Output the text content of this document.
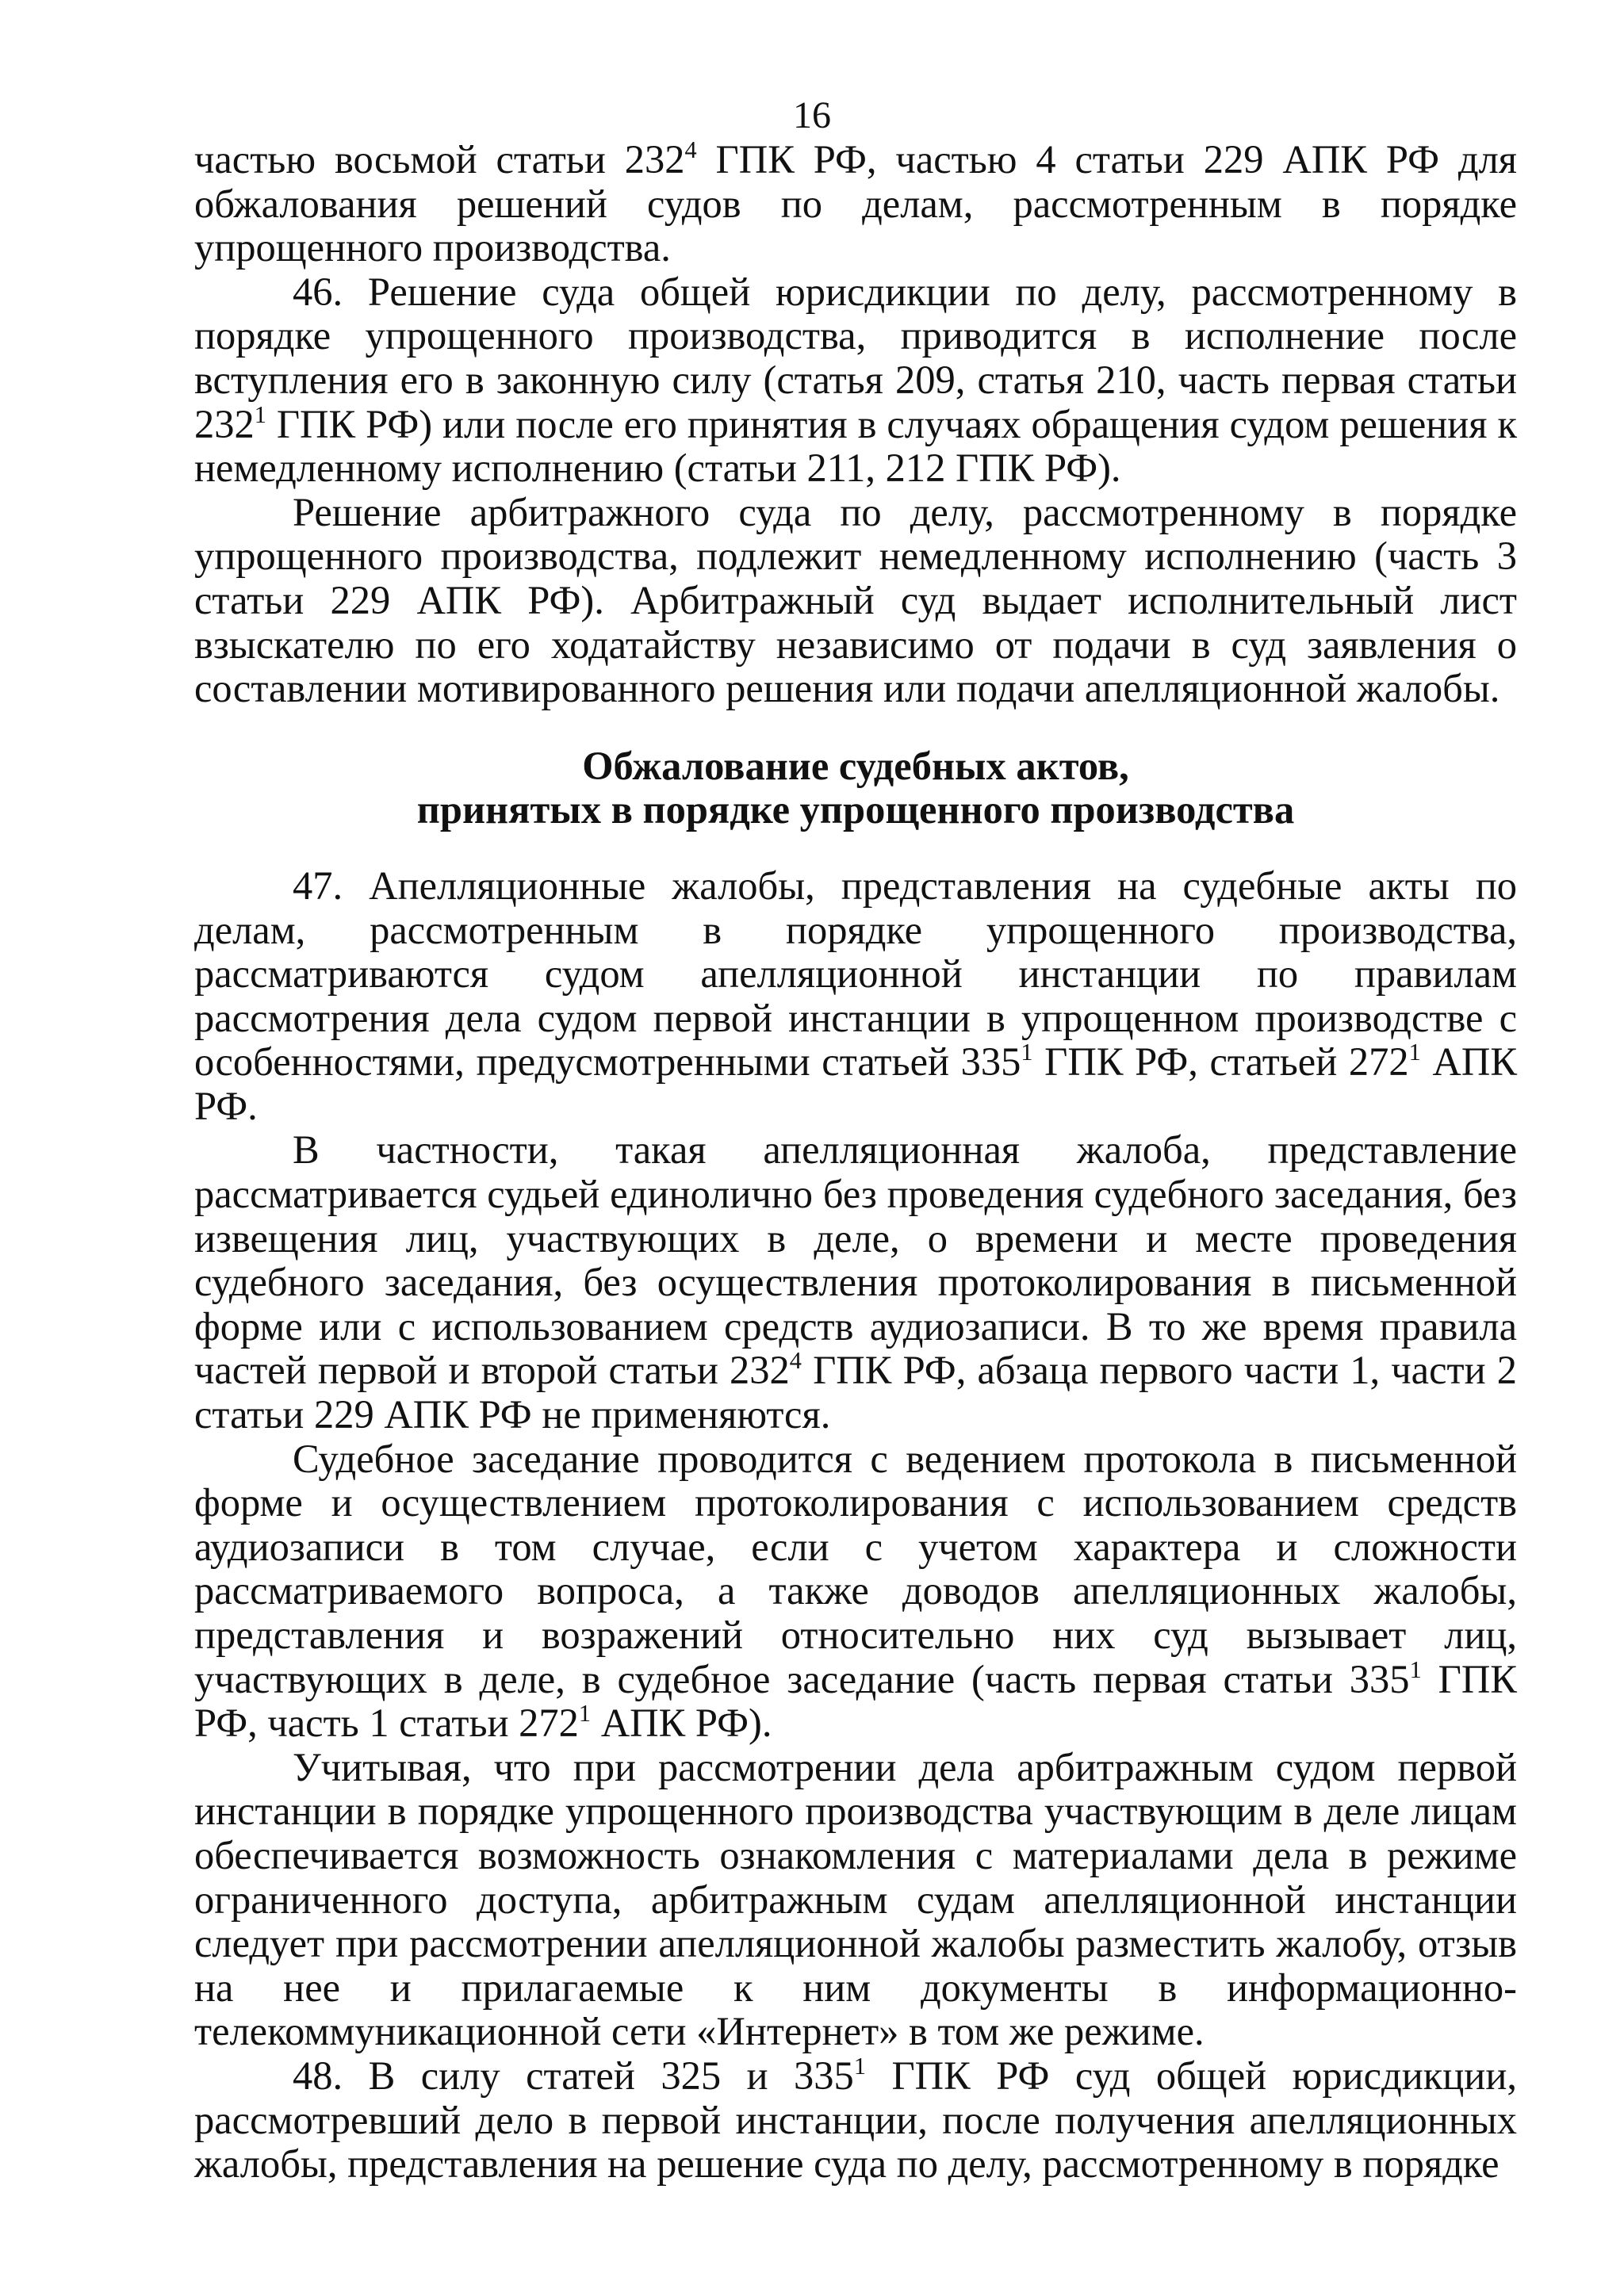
16

частью восьмой статьи $232^4$ ГПК РФ, частью 4 статьи 229 АПК РФ для обжалования решений судов по делам, рассмотренным в порядке упрощенного производства.

46. Решение суда общей юрисдикции по делу, рассмотренному в порядке упрощенного производства, приводится в исполнение после вступления его в законную силу (статья 209, статья 210, часть первая статьи $232^1$ ГПК РФ) или после его принятия в случаях обращения судом решения к немедленному исполнению (статьи 211, 212 ГПК РФ).

Решение арбитражного суда по делу, рассмотренному в порядке упрощенного производства, подлежит немедленному исполнению (часть 3 статьи 229 АПК РФ). Арбитражный суд выдает исполнительный лист взыскателю по его ходатайству независимо от подачи в суд заявления о составлении мотивированного решения или подачи апелляционной жалобы.

Обжалование судебных актов,
принятых в порядке упрощенного производства

47. Апелляционные жалобы, представления на судебные акты по делам, рассмотренным в порядке упрощенного производства, рассматриваются судом апелляционной инстанции по правилам рассмотрения дела судом первой инстанции в упрощенном производстве с особенностями, предусмотренными статьей $335^1$ ГПК РФ, статьей $272^1$ АПК РФ.

В частности, такая апелляционная жалоба, представление рассматривается судьей единолично без проведения судебного заседания, без извещения лиц, участвующих в деле, о времени и месте проведения судебного заседания, без осуществления протоколирования в письменной форме или с использованием средств аудиозаписи. В то же время правила частей первой и второй статьи $232^4$ ГПК РФ, абзаца первого части 1, части 2 статьи 229 АПК РФ не применяются.

Судебное заседание проводится с ведением протокола в письменной форме и осуществлением протоколирования с использованием средств аудиозаписи в том случае, если с учетом характера и сложности рассматриваемого вопроса, а также доводов апелляционных жалобы, представления и возражений относительно них суд вызывает лиц, участвующих в деле, в судебное заседание (часть первая статьи $335^1$ ГПК РФ, часть 1 статьи $272^1$ АПК РФ).

Учитывая, что при рассмотрении дела арбитражным судом первой инстанции в порядке упрощенного производства участвующим в деле лицам обеспечивается возможность ознакомления с материалами дела в режиме ограниченного доступа, арбитражным судам апелляционной инстанции следует при рассмотрении апелляционной жалобы разместить жалобу, отзыв на нее и прилагаемые к ним документы в информационно-телекоммуникационной сети «Интернет» в том же режиме.

48. В силу статей 325 и $335^1$ ГПК РФ суд общей юрисдикции, рассмотревший дело в первой инстанции, после получения апелляционных жалобы, представления на решение суда по делу, рассмотренному в порядке
